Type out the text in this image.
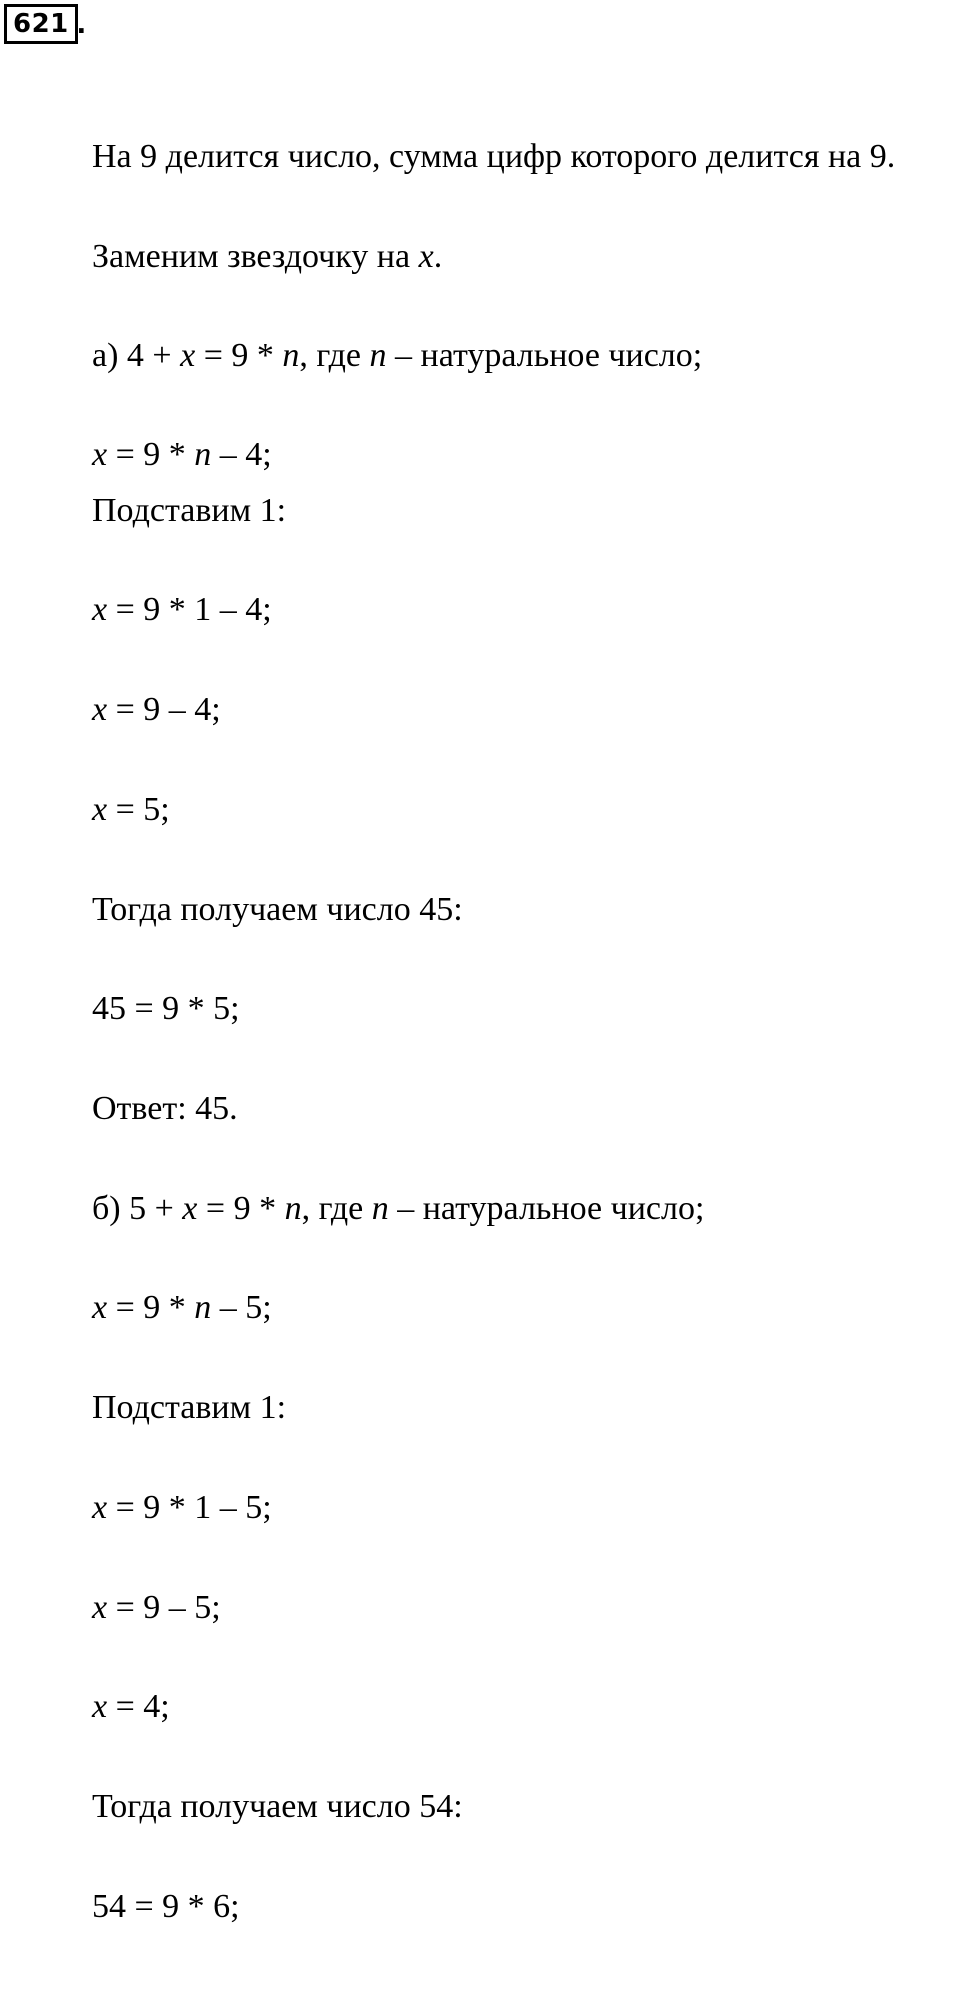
621 .
На 9 делится число, сумма цифр которого делится на 9.
Заменим звездочку на x.
а) 4 + x = 9 * n, где n – натуральное число;
x = 9 * n – 4;
Подставим 1:
x = 9 * 1 – 4;
x = 9 – 4;
x = 5;
Тогда получаем число 45:
45 = 9 * 5;
Ответ: 45.
б) 5 + x = 9 * n, где n – натуральное число;
x = 9 * n – 5;
Подставим 1:
x = 9 * 1 – 5;
x = 9 – 5;
x = 4;
Тогда получаем число 54:
54 = 9 * 6;
